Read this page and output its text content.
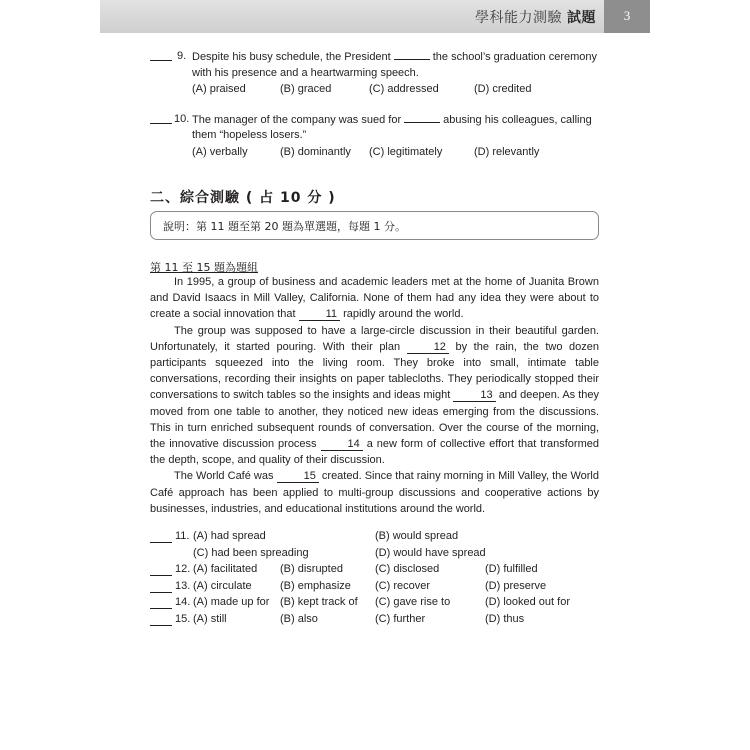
學科能力測驗 試題	3
9. Despite his busy schedule, the President	the school’s graduation ceremony
with his presence and a heartwarming speech.
(A) praised	(B) graced	(C) addressed	(D) credited
10. The manager of the company was sued for	abusing his colleagues, calling
them “hopeless losers.”
(A) verbally	(B) dominantly (C) legitimately	(D) relevantly
二、綜合測驗 ( 占 10 分 )
說明：第 11 題至第 20 題為單選題，每題 1 分。
第 11 至 15 題為題組

In 1995, a group of business and academic leaders met at the home of Juanita Brown and David Isaacs in Mill Valley, California. None of them had any idea they were about to create a social innovation that	11 rapidly around the world.

The group was supposed to have a large-circle discussion in their beautiful garden. Unfortunately, it started pouring. With their plan	12 by the rain, the two dozen participants squeezed into the living room. They broke into small, intimate table conversations, recording their insights on paper tablecloths. They periodically stopped their conversations to switch tables so the insights and ideas might	13 and deepen. As they moved from one table to another, they noticed new ideas emerging from the discussions. This in turn enriched subsequent rounds of conversation. Over the course of the morning, the innovative discussion process	14 a new form of collective effort that transformed the depth, scope, and quality of their discussion.

The World Café was	15 created. Since that rainy morning in Mill Valley, the World Café approach has been applied to multi-group discussions and cooperative actions by businesses, industries, and educational institutions around the world.

11. (A) had spread	(B) would spread
(C) had been spreading	(D) would have spread
12. (A) facilitated (B) disrupted	(C) disclosed	(D) fulfilled
13. (A) circulate	(B) emphasize (C) recover	(D) preserve
14. (A) made up for (B) kept track of (C) gave rise to	(D) looked out for
15. (A) still	(B) also	(C) further	(D) thus
